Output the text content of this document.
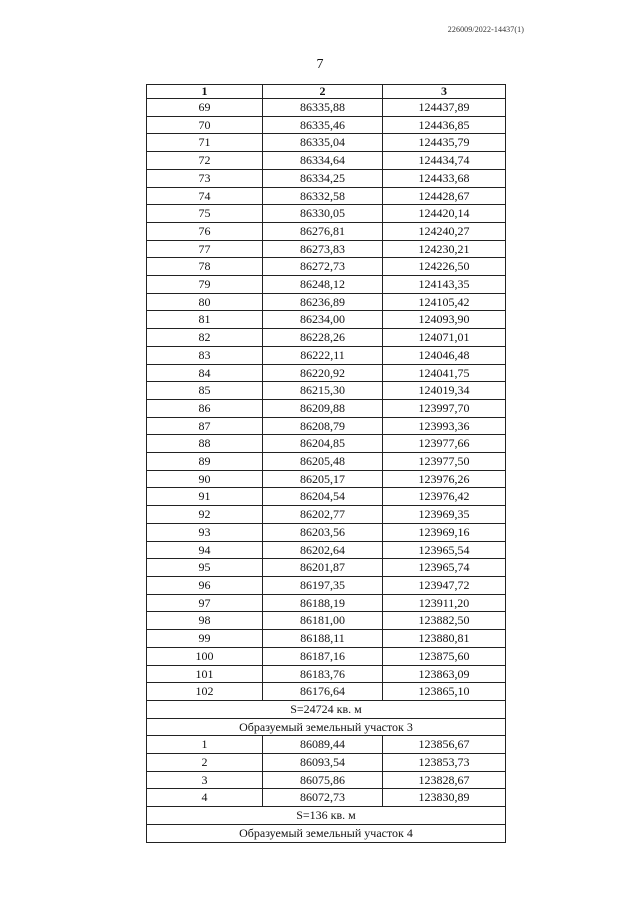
226009/2022-14437(1)
7
1	2	3
69	86335,88	124437,89
70	86335,46	124436,85
71	86335,04	124435,79
72	86334,64	124434,74
73	86334,25	124433,68
74	86332,58	124428,67
75	86330,05	124420,14
76	86276,81	124240,27
77	86273,83	124230,21
78	86272,73	124226,50
79	86248,12	124143,35
80	86236,89	124105,42
81	86234,00	124093,90
82	86228,26	124071,01
83	86222,11	124046,48
84	86220,92	124041,75
85	86215,30	124019,34
86	86209,88	123997,70
87	86208,79	123993,36
88	86204,85	123977,66
89	86205,48	123977,50
90	86205,17	123976,26
91	86204,54	123976,42
92	86202,77	123969,35
93	86203,56	123969,16
94	86202,64	123965,54
95	86201,87	123965,74
96	86197,35	123947,72
97	86188,19	123911,20
98	86181,00	123882,50
99	86188,11	123880,81
100	86187,16	123875,60
101	86183,76	123863,09
102	86176,64	123865,10
S=24724 кв. м		
Образуемый земельный участок 3		
1	86089,44	123856,67
2	86093,54	123853,73
3	86075,86	123828,67
4	86072,73	123830,89
S=136 кв. м		
Образуемый земельный участок 4		
